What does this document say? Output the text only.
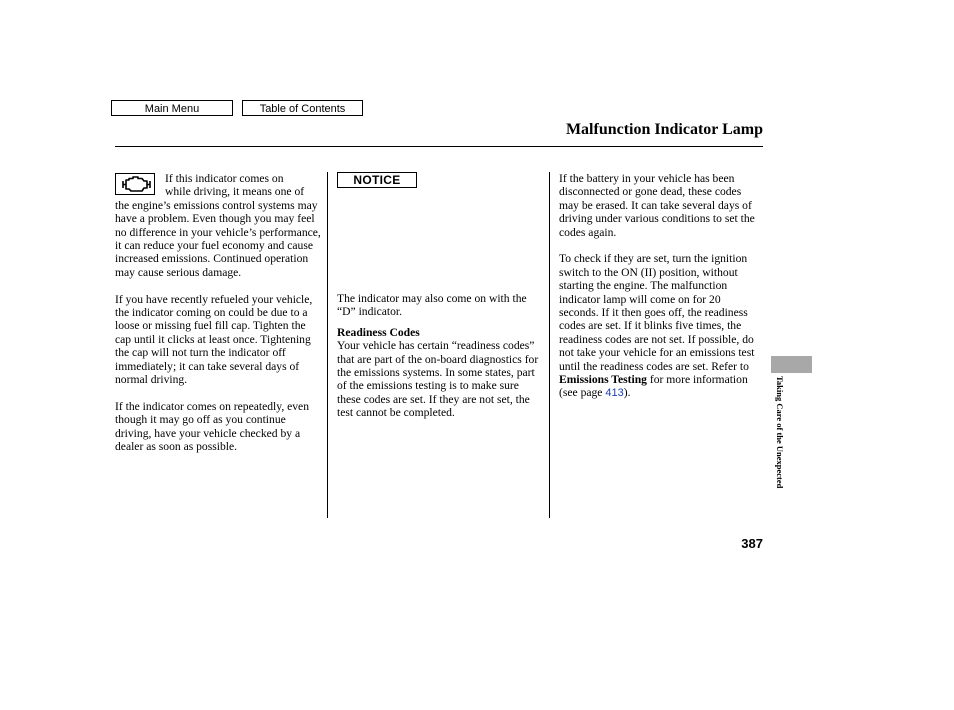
Main Menu	Table of Contents
Malfunction Indicator Lamp

If this indicator comes on
while driving, it means one of the engine’s emissions control systems may have a problem. Even though you may feel no difference in your vehicle’s performance, it can reduce your fuel economy and cause increased emissions. Continued operation may cause serious damage.

If you have recently refueled your vehicle, the indicator coming on could be due to a loose or missing fuel fill cap. Tighten the cap until it clicks at least once. Tightening the cap will not turn the indicator off immediately; it can take several days of normal driving.

If the indicator comes on repeatedly, even though it may go off as you continue driving, have your vehicle checked by a dealer as soon as possible.

NOTICE

The indicator may also come on with the “D” indicator.

Readiness Codes

Your vehicle has certain “readiness codes” that are part of the on-board diagnostics for the emissions systems. In some states, part of the emissions testing is to make sure these codes are set. If they are not set, the test cannot be completed.

If the battery in your vehicle has been disconnected or gone dead, these codes may be erased. It can take several days of driving under various conditions to set the codes again.

To check if they are set, turn the ignition switch to the ON (II) position, without starting the engine. The malfunction indicator lamp will come on for 20 seconds. If it then goes off, the readiness codes are set. If it blinks five times, the readiness codes are not set. If possible, do not take your vehicle for an emissions test until the readiness codes are set. Refer to Emissions Testing for more information (see page 413).	Taking Care of the Unexpected
387
